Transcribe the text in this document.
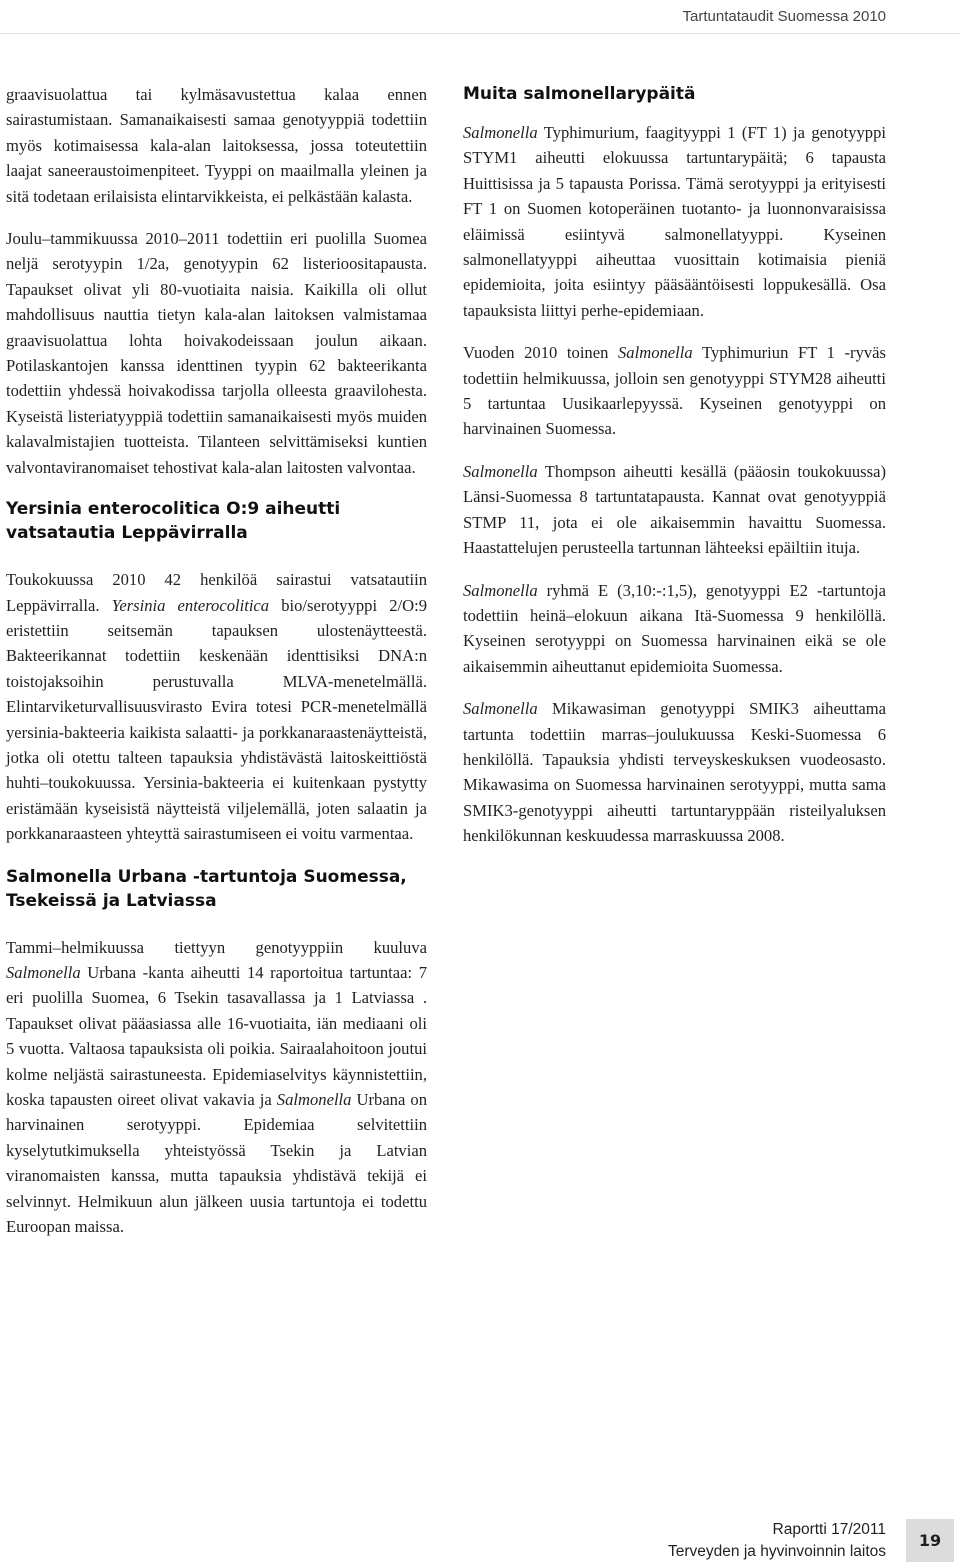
Tartuntataudit Suomessa 2010

graavisuolattua tai kylmäsavustettua kalaa ennen sairastumistaan. Samanaikaisesti samaa genotyyppiä todettiin myös kotimaisessa kala-alan laitoksessa, jossa toteutettiin laajat saneeraustoimenpiteet. Tyyppi on maailmalla yleinen ja sitä todetaan erilaisista elintarvikkeista, ei pelkästään kalasta.

Joulu–tammikuussa 2010–2011 todettiin eri puolilla Suomea neljä serotyypin 1/2a, genotyypin 62 listerioositapausta. Tapaukset olivat yli 80-vuotiaita naisia. Kaikilla oli ollut mahdollisuus nauttia tietyn kala-alan laitoksen valmistamaa graavisuolattua lohta hoivakodeissaan joulun aikaan. Potilaskantojen kanssa identtinen tyypin 62 bakteerikanta todettiin yhdessä hoivakodissa tarjolla olleesta graavilohesta. Kyseistä listeriatyyppiä todettiin samanaikaisesti myös muiden kalavalmistajien tuotteista. Tilanteen selvittämiseksi kuntien valvontaviranomaiset tehostivat kala-alan laitosten valvontaa.

Yersinia enterocolitica O:9 aiheutti
vatsatautia Leppävirralla

Toukokuussa 2010 42 henkilöä sairastui vatsatautiin Leppävirralla. Yersinia enterocolitica bio/serotyyppi 2/O:9 eristettiin seitsemän tapauksen ulostenäytteestä. Bakteerikannat todettiin keskenään identtisiksi DNA:n toistojaksoihin perustuvalla MLVA-menetelmällä. Elintarviketurvallisuusvirasto Evira totesi PCR-menetelmällä yersinia-bakteeria kaikista salaatti- ja porkkanaraastenäytteistä, jotka oli otettu talteen tapauksia yhdistävästä laitoskeittiöstä huhti–toukokuussa. Yersinia-bakteeria ei kuitenkaan pystytty eristämään kyseisistä näytteistä viljelemällä, joten salaatin ja porkkanaraasteen yhteyttä sairastumiseen ei voitu varmentaa.

Salmonella Urbana -tartuntoja Suomessa,
Tsekeissä ja Latviassa

Tammi–helmikuussa tiettyyn genotyyppiin kuuluva Salmonella Urbana -kanta aiheutti 14 raportoitua tartuntaa: 7 eri puolilla Suomea, 6 Tsekin tasavallassa ja 1 Latviassa . Tapaukset olivat pääasiassa alle 16-vuotiaita, iän mediaani oli 5 vuotta. Valtaosa tapauksista oli poikia. Sairaalahoitoon joutui kolme neljästä sairastuneesta. Epidemiaselvitys käynnistettiin, koska tapausten oireet olivat vakavia ja Salmonella Urbana on harvinainen serotyyppi. Epidemiaa selvitettiin kyselytutkimuksella yhteistyössä Tsekin ja Latvian viranomaisten kanssa, mutta tapauksia yhdistävä tekijä ei selvinnyt. Helmikuun alun jälkeen uusia tartuntoja ei todettu Euroopan maissa.

Muita salmonellarypäitä

Salmonella Typhimurium, faagityyppi 1 (FT 1) ja genotyyppi STYM1 aiheutti elokuussa tartuntarypäitä; 6 tapausta Huittisissa ja 5 tapausta Porissa. Tämä serotyyppi ja erityisesti FT 1 on Suomen kotoperäinen tuotanto- ja luonnonvaraisissa eläimissä esiintyvä salmonellatyyppi. Kyseinen salmonellatyyppi aiheuttaa vuosittain kotimaisia pieniä epidemioita, joita esiintyy pääsääntöisesti loppukesällä. Osa tapauksista liittyi perhe-epidemiaan.

Vuoden 2010 toinen Salmonella Typhimuriun FT 1 -ryväs todettiin helmikuussa, jolloin sen genotyyppi STYM28 aiheutti 5 tartuntaa Uusikaarlepyyssä. Kyseinen genotyyppi on harvinainen Suomessa.

Salmonella Thompson aiheutti kesällä (pääosin toukokuussa) Länsi-Suomessa 8 tartuntatapausta. Kannat ovat genotyyppiä STMP 11, jota ei ole aikaisemmin havaittu Suomessa. Haastattelujen perusteella tartunnan lähteeksi epäiltiin ituja.

Salmonella ryhmä E (3,10:-:1,5), genotyyppi E2 -tartuntoja todettiin heinä–elokuun aikana Itä-Suomessa 9 henkilöllä. Kyseinen serotyyppi on Suomessa harvinainen eikä se ole aikaisemmin aiheuttanut epidemioita Suomessa.

Salmonella Mikawasiman genotyyppi SMIK3 aiheuttama tartunta todettiin marras–joulukuussa Keski-Suomessa 6 henkilöllä. Tapauksia yhdisti terveyskeskuksen vuodeosasto. Mikawasima on Suomessa harvinainen serotyyppi, mutta sama SMIK3-genotyyppi aiheutti tartuntaryppään risteilyaluksen henkilökunnan keskuudessa marraskuussa 2008.

Raportti 17/2011
Terveyden ja hyvinvoinnin laitos
19
